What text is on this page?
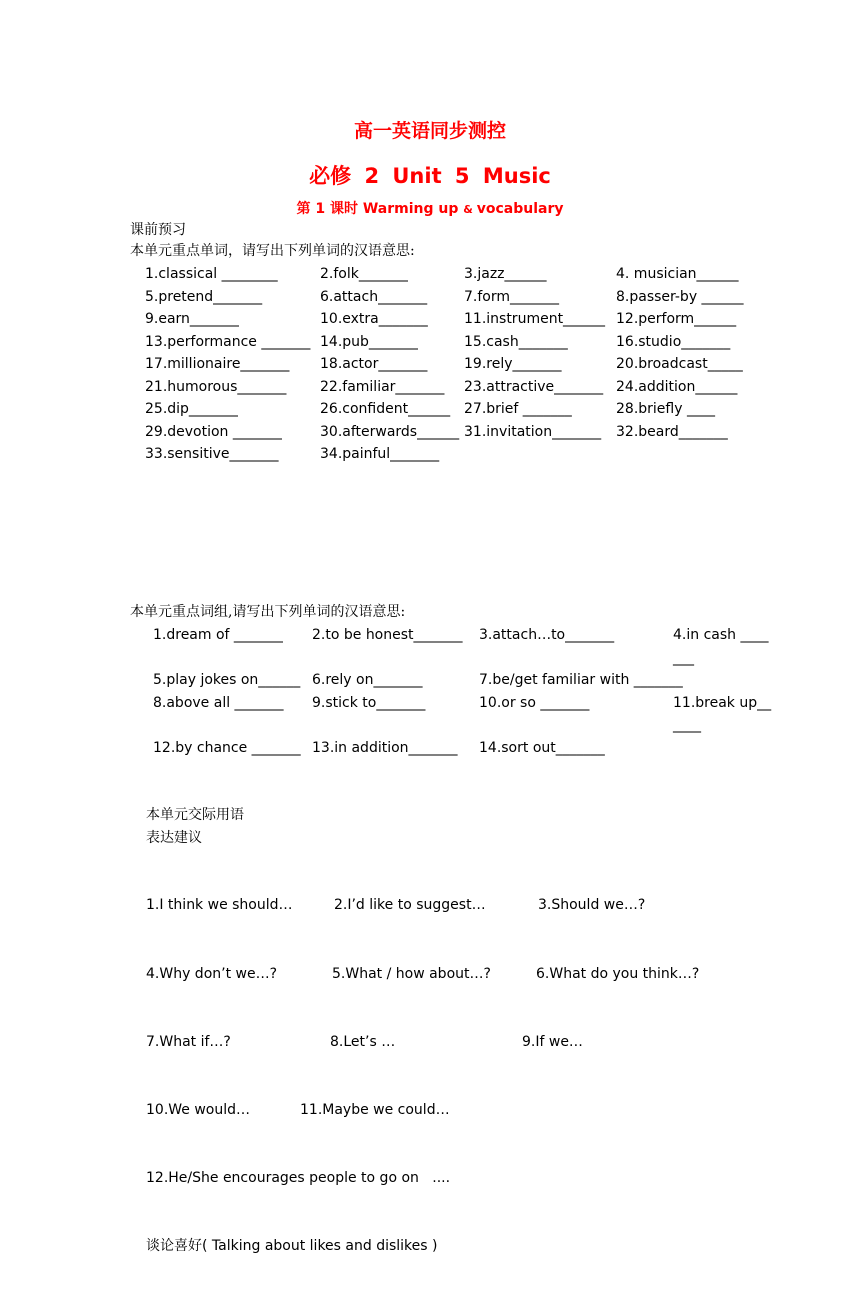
高一英语同步测控
必修 2 Unit 5 Music
第 1 课时 Warming up & vocabulary
课前预习
本单元重点单词，请写出下列单词的汉语意思:
1.classical ________	2.folk_______	3.jazz______	4. musician______
5.pretend_______	6.attach_______	7.form_______	8.passer-by ______
9.earn_______	10.extra_______	11.instrument______	12.perform______
13.performance _______	14.pub_______	15.cash_______	16.studio_______
17.millionaire_______	18.actor_______	19.rely_______	20.broadcast_____
21.humorous_______	22.familiar_______	23.attractive_______	24.addition______
25.dip_______	26.confident______	27.brief _______	28.briefly ____
29.devotion _______	30.afterwards______	31.invitation_______	32.beard_______
33.sensitive_______	34.painful_______		
本单元重点词组,请写出下列单词的汉语意思:
1.dream of _______	2.to be honest_______	3.attach…to_______	4.in cash _______
5.play jokes on______ 6.rely on_______	7.be/get familiar with _______
8.above all _______	9.stick to_______	10.or so _______	11.break up______
12.by chance _______ 13.in addition_______	14.sort out_______
本单元交际用语
表达建议

1.I think we should…	2.I’d like to suggest…	3.Should we…?

4.Why don’t we…?	5.What / how about…?	6.What do you think…?

7.What if…?	8.Let’s …	9.If we…

10.We would…	11.Maybe we could…

12.He/She encourages people to go on   ....

谈论喜好( Talking about likes and dislikes )
